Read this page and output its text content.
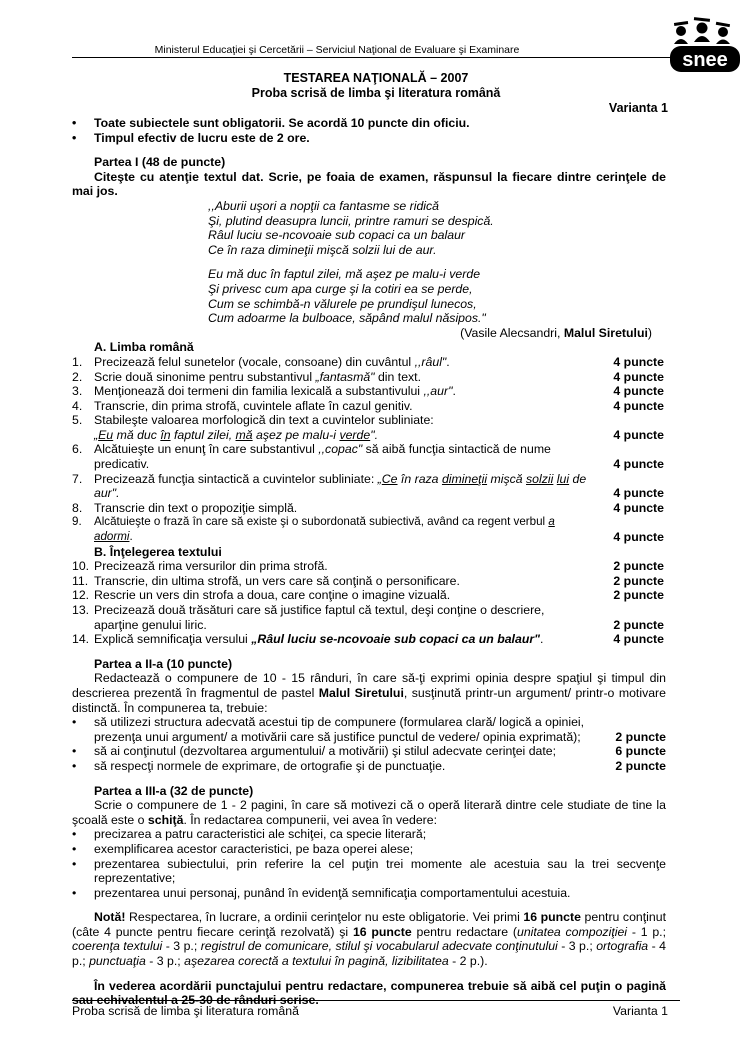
Ministerul Educaţiei şi Cercetării – Serviciul Naţional de Evaluare şi Examinare	snee
TESTAREA NAŢIONALĂ – 2007
Proba scrisă de limba şi literatura română
Varianta 1
• Toate subiectele sunt obligatorii. Se acordă 10 puncte din oficiu.
• Timpul efectiv de lucru este de 2 ore.
Partea I (48 de puncte)
Citeşte cu atenţie textul dat. Scrie, pe foaia de examen, răspunsul la fiecare dintre cerinţele de mai jos.
,,Aburii uşori a nopţii ca fantasme se ridică
Şi, plutind deasupra luncii, printre ramuri se despică.
Râul luciu se-ncovoaie sub copaci ca un balaur
Ce în raza dimineţii mişcă solzii lui de aur.
Eu mă duc în faptul zilei, mă aşez pe malu-i verde
Şi privesc cum apa curge şi la cotiri ea se perde,
Cum se schimbă-n vălurele pe prundişul lunecos,
Cum adoarme la bulboace, săpând malul năsipos."
(Vasile Alecsandri, Malul Siretului)
A. Limba română
1. Precizează felul sunetelor (vocale, consoane) din cuvântul ,,râul".	4 puncte
2. Scrie două sinonime pentru substantivul „fantasmă" din text.	4 puncte
3. Menţionează doi termeni din familia lexicală a substantivului ,,aur".	4 puncte
4. Transcrie, din prima strofă, cuvintele aflate în cazul genitiv.	4 puncte
5. Stabileşte valoarea morfologică din text a cuvintelor subliniate:
„Eu mă duc în faptul zilei, mă aşez pe malu-i verde".	4 puncte
6. Alcătuieşte un enunţ în care substantivul ,,copac" să aibă funcţia sintactică de nume predicativ.	4 puncte
7. Precizează funcţia sintactică a cuvintelor subliniate: „Ce în raza dimineţii mişcă solzii lui de aur".	4 puncte
8. Transcrie din text o propoziţie simplă.	4 puncte
9. Alcătuieşte o frază în care să existe şi o subordonată subiectivă, având ca regent verbul a adormi.	4 puncte
B. Înţelegerea textului
10. Precizează rima versurilor din prima strofă.	2 puncte
11. Transcrie, din ultima strofă, un vers care să conţină o personificare.	2 puncte
12. Rescrie un vers din strofa a doua, care conţine o imagine vizuală.	2 puncte
13. Precizează două trăsături care să justifice faptul că textul, deşi conţine o descriere,
aparţine genului liric.	2 puncte
14. Explică semnificaţia versului „Râul luciu se-ncovoaie sub copaci ca un balaur".	4 puncte
Partea a II-a (10 puncte)
Redactează o compunere de 10 - 15 rânduri, în care să-ţi exprimi opinia despre spaţiul şi timpul din descrierea prezentă în fragmentul de pastel Malul Siretului, susţinută printr-un argument/ printr-o motivare distinctă. În compunerea ta, trebuie:
• să utilizezi structura adecvată acestui tip de compunere (formularea clară/ logică a opiniei, prezenţa unui argument/ a motivării care să justifice punctul de vedere/ opinia exprimată);	2 puncte
• să ai conţinutul (dezvoltarea argumentului/ a motivării) şi stilul adecvate cerinţei date;	6 puncte
• să respecţi normele de exprimare, de ortografie şi de punctuaţie.	2 puncte
Partea a III-a (32 de puncte)
Scrie o compunere de 1 - 2 pagini, în care să motivezi că o operă literară dintre cele studiate de tine la şcoală este o schiţă. În redactarea compunerii, vei avea în vedere:
• precizarea a patru caracteristici ale schiţei, ca specie literară;
• exemplificarea acestor caracteristici, pe baza operei alese;
• prezentarea subiectului, prin referire la cel puţin trei momente ale acestuia sau la trei secvenţe reprezentative;
• prezentarea unui personaj, punând în evidenţă semnificaţia comportamentului acestuia.
Notă! Respectarea, în lucrare, a ordinii cerinţelor nu este obligatorie. Vei primi 16 puncte pentru conţinut (câte 4 puncte pentru fiecare cerinţă rezolvată) şi 16 puncte pentru redactare (unitatea compoziţiei - 1 p.; coerenţa textului - 3 p.; registrul de comunicare, stilul şi vocabularul adecvate conţinutului - 3 p.; ortografia - 4 p.; punctuaţia - 3 p.; aşezarea corectă a textului în pagină, lizibilitatea - 2 p.).
În vederea acordării punctajului pentru redactare, compunerea trebuie să aibă cel puţin o pagină sau echivalentul a 25-30 de rânduri scrise.
Proba scrisă de limba şi literatura română	Varianta 1
